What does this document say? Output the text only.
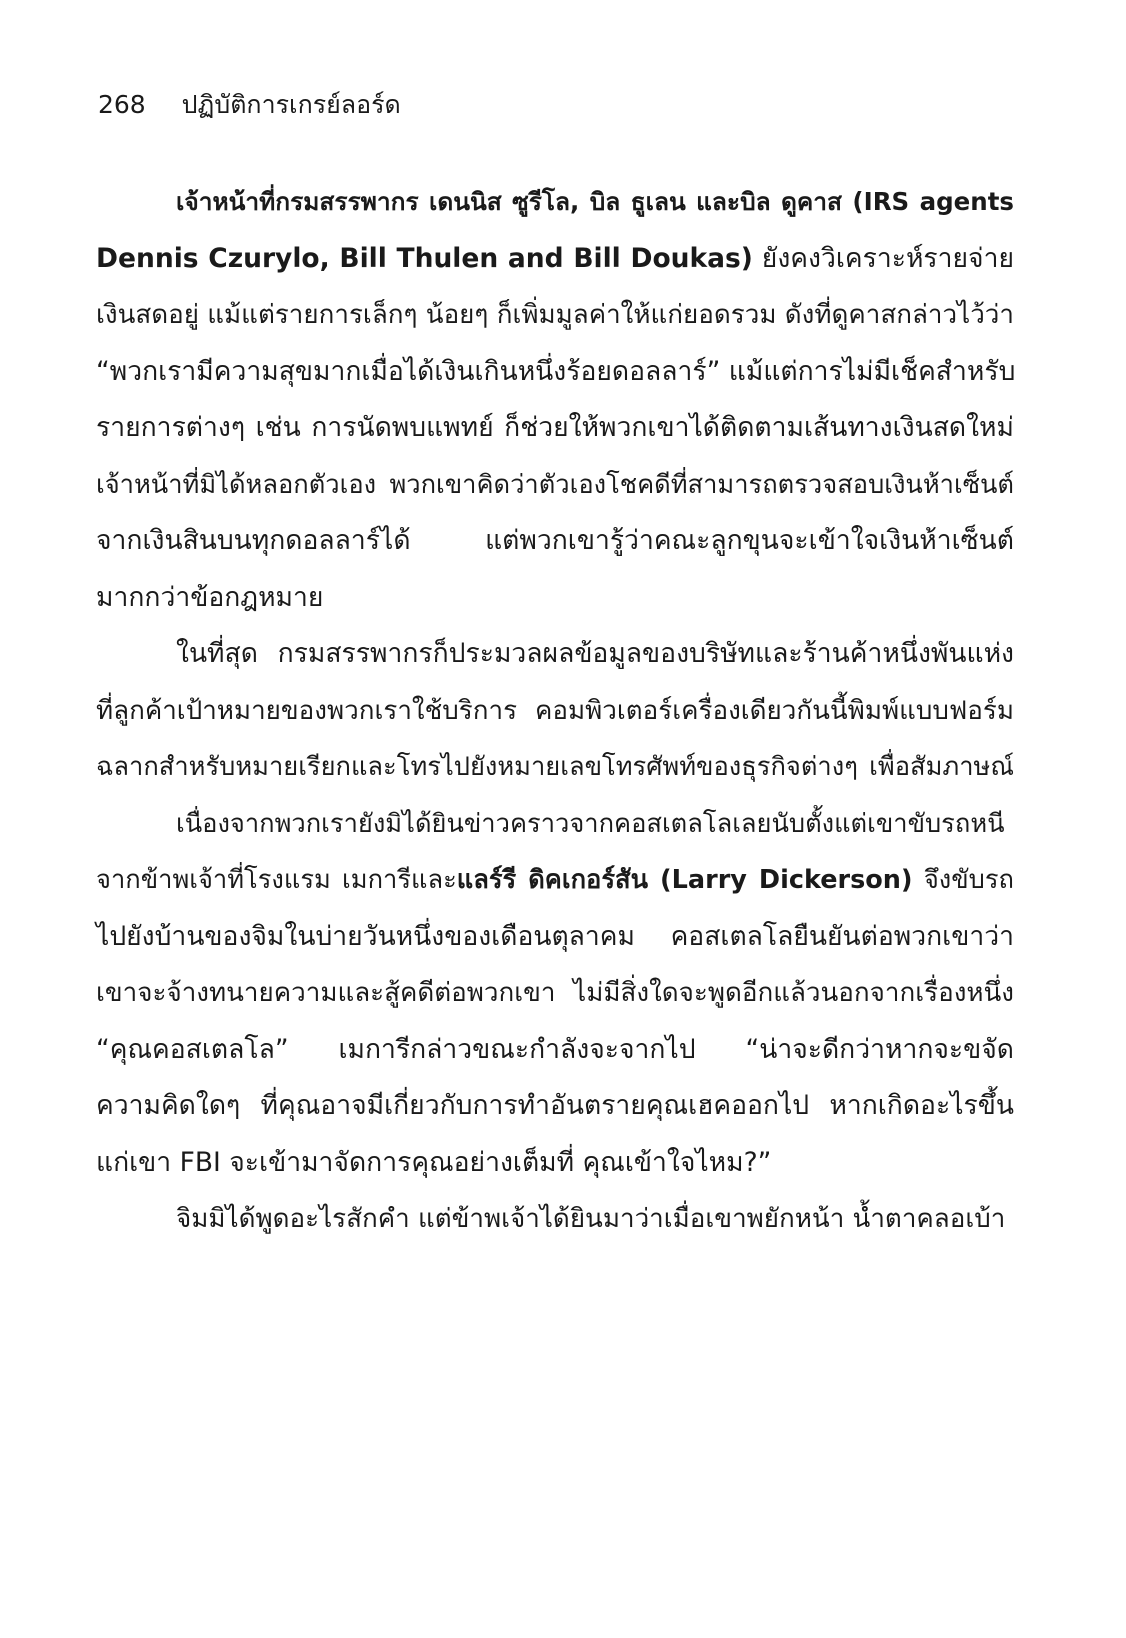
268 ปฏิบัติการเกรย์ลอร์ด
เจ้าหน้าที่กรมสรรพากร เดนนิส ซูรีโล, บิล ธูเลน และบิล ดูคาส (IRS agents
Dennis Czurylo, Bill Thulen and Bill Doukas) ยังคงวิเคราะห์รายจ่าย
เงินสดอยู่ แม้แต่รายการเล็กๆ น้อยๆ ก็เพิ่มมูลค่าให้แก่ยอดรวม ดังที่ดูคาสกล่าวไว้ว่า
“พวกเรามีความสุขมากเมื่อได้เงินเกินหนึ่งร้อยดอลลาร์” แม้แต่การไม่มีเช็คสำหรับ
รายการต่างๆ เช่น การนัดพบแพทย์ ก็ช่วยให้พวกเขาได้ติดตามเส้นทางเงินสดใหม่
เจ้าหน้าที่มิได้หลอกตัวเอง พวกเขาคิดว่าตัวเองโชคดีที่สามารถตรวจสอบเงินห้าเซ็นต์
จากเงินสินบนทุกดอลลาร์ได้ แต่พวกเขารู้ว่าคณะลูกขุนจะเข้าใจเงินห้าเซ็นต์
มากกว่าข้อกฎหมาย
ในที่สุด กรมสรรพากรก็ประมวลผลข้อมูลของบริษัทและร้านค้าหนึ่งพันแห่ง
ที่ลูกค้าเป้าหมายของพวกเราใช้บริการ คอมพิวเตอร์เครื่องเดียวกันนี้พิมพ์แบบฟอร์ม
ฉลากสำหรับหมายเรียกและโทรไปยังหมายเลขโทรศัพท์ของธุรกิจต่างๆ เพื่อสัมภาษณ์
เนื่องจากพวกเรายังมิได้ยินข่าวคราวจากคอสเตลโลเลยนับตั้งแต่เขาขับรถหนี
จากข้าพเจ้าที่โรงแรม เมการีและแลร์รี ดิคเกอร์สัน (Larry Dickerson) จึงขับรถ
ไปยังบ้านของจิมในบ่ายวันหนึ่งของเดือนตุลาคม คอสเตลโลยืนยันต่อพวกเขาว่า
เขาจะจ้างทนายความและสู้คดีต่อพวกเขา ไม่มีสิ่งใดจะพูดอีกแล้วนอกจากเรื่องหนึ่ง
“คุณคอสเตลโล” เมการีกล่าวขณะกำลังจะจากไป “น่าจะดีกว่าหากจะขจัด
ความคิดใดๆ ที่คุณอาจมีเกี่ยวกับการทำอันตรายคุณเฮคออกไป หากเกิดอะไรขึ้น
แก่เขา FBI จะเข้ามาจัดการคุณอย่างเต็มที่ คุณเข้าใจไหม?”
จิมมิได้พูดอะไรสักคำ แต่ข้าพเจ้าได้ยินมาว่าเมื่อเขาพยักหน้า น้ำตาคลอเบ้า
